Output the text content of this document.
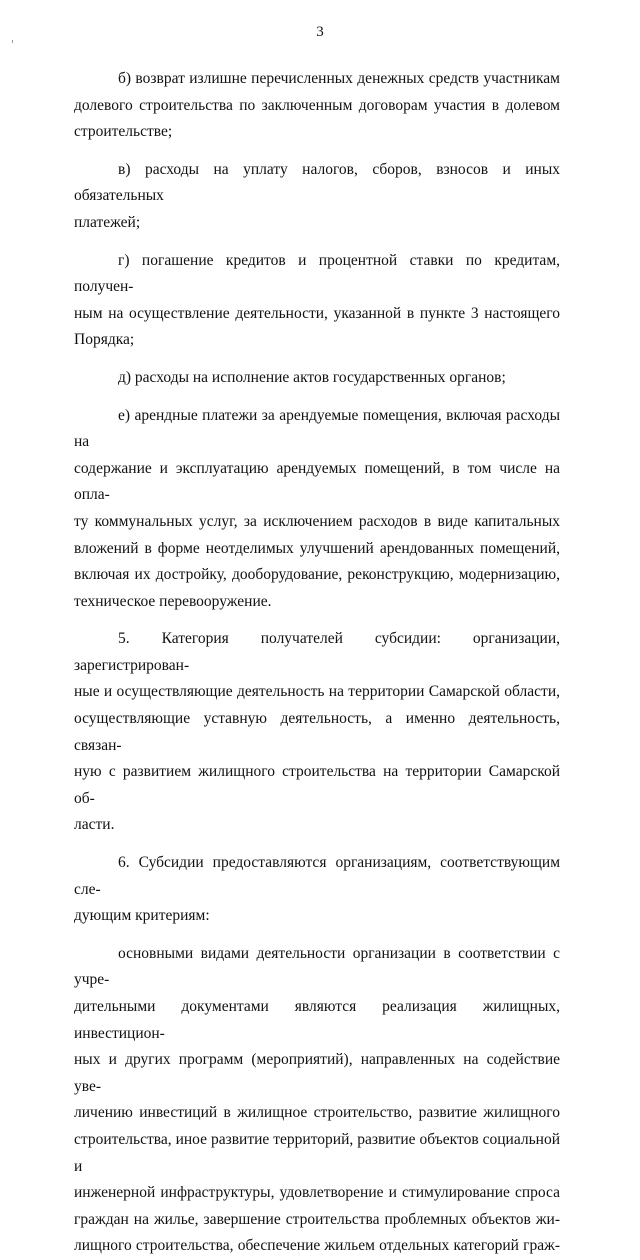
3

б) возврат излишне перечисленных денежных средств участникам
долевого строительства по заключенным договорам участия в долевом
строительстве;

в) расходы на уплату налогов, сборов, взносов и иных обязательных
платежей;

г) погашение кредитов и процентной ставки по кредитам, получен-
ным на осуществление деятельности, указанной в пункте 3 настоящего
Порядка;

д) расходы на исполнение актов государственных органов;

е) арендные платежи за арендуемые помещения, включая расходы на
содержание и эксплуатацию арендуемых помещений, в том числе на опла-
ту коммунальных услуг, за исключением расходов в виде капитальных
вложений в форме неотделимых улучшений арендованных помещений,
включая их достройку, дооборудование, реконструкцию, модернизацию,
техническое перевооружение.

5. Категория получателей субсидии: организации, зарегистрирован-
ные и осуществляющие деятельность на территории Самарской области,
осуществляющие уставную деятельность, а именно деятельность, связан-
ную с развитием жилищного строительства на территории Самарской об-
ласти.

6. Субсидии предоставляются организациям, соответствующим сле-
дующим критериям:

основными видами деятельности организации в соответствии с учре-
дительными документами являются реализация жилищных, инвестицион-
ных и других программ (мероприятий), направленных на содействие уве-
личению инвестиций в жилищное строительство, развитие жилищного
строительства, иное развитие территорий, развитие объектов социальной и
инженерной инфраструктуры, удовлетворение и стимулирование спроса
граждан на жилье, завершение строительства проблемных объектов жи-
лищного строительства, обеспечение жильем отдельных категорий граж-
